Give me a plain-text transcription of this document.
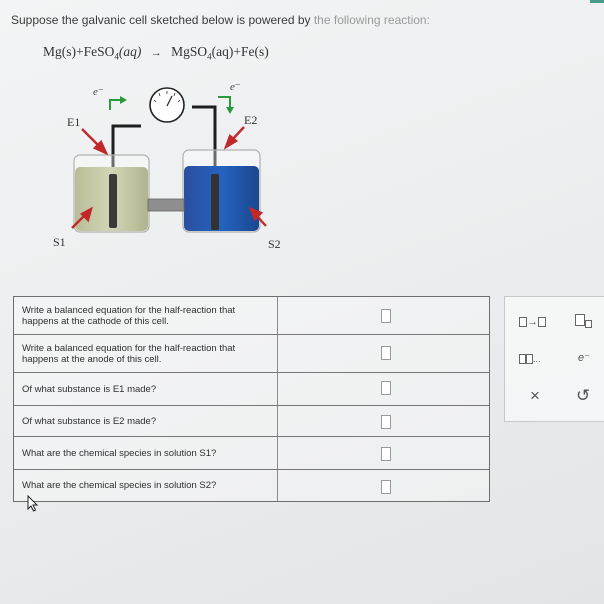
Suppose the galvanic cell sketched below is powered by the following reaction:
Mg(s)+FeSO$_4$(aq) → MgSO$_4$(aq)+Fe(s)
e⁻	e⁻
E1	E2
S1	S2
Write a balanced equation for the half-reaction that happens at the cathode of this cell.
Write a balanced equation for the half-reaction that happens at the anode of this cell.
Of what substance is E1 made?
Of what substance is E2 made?
What are the chemical species in solution S1?
What are the chemical species in solution S2?
→
...	e⁻
× ↺
